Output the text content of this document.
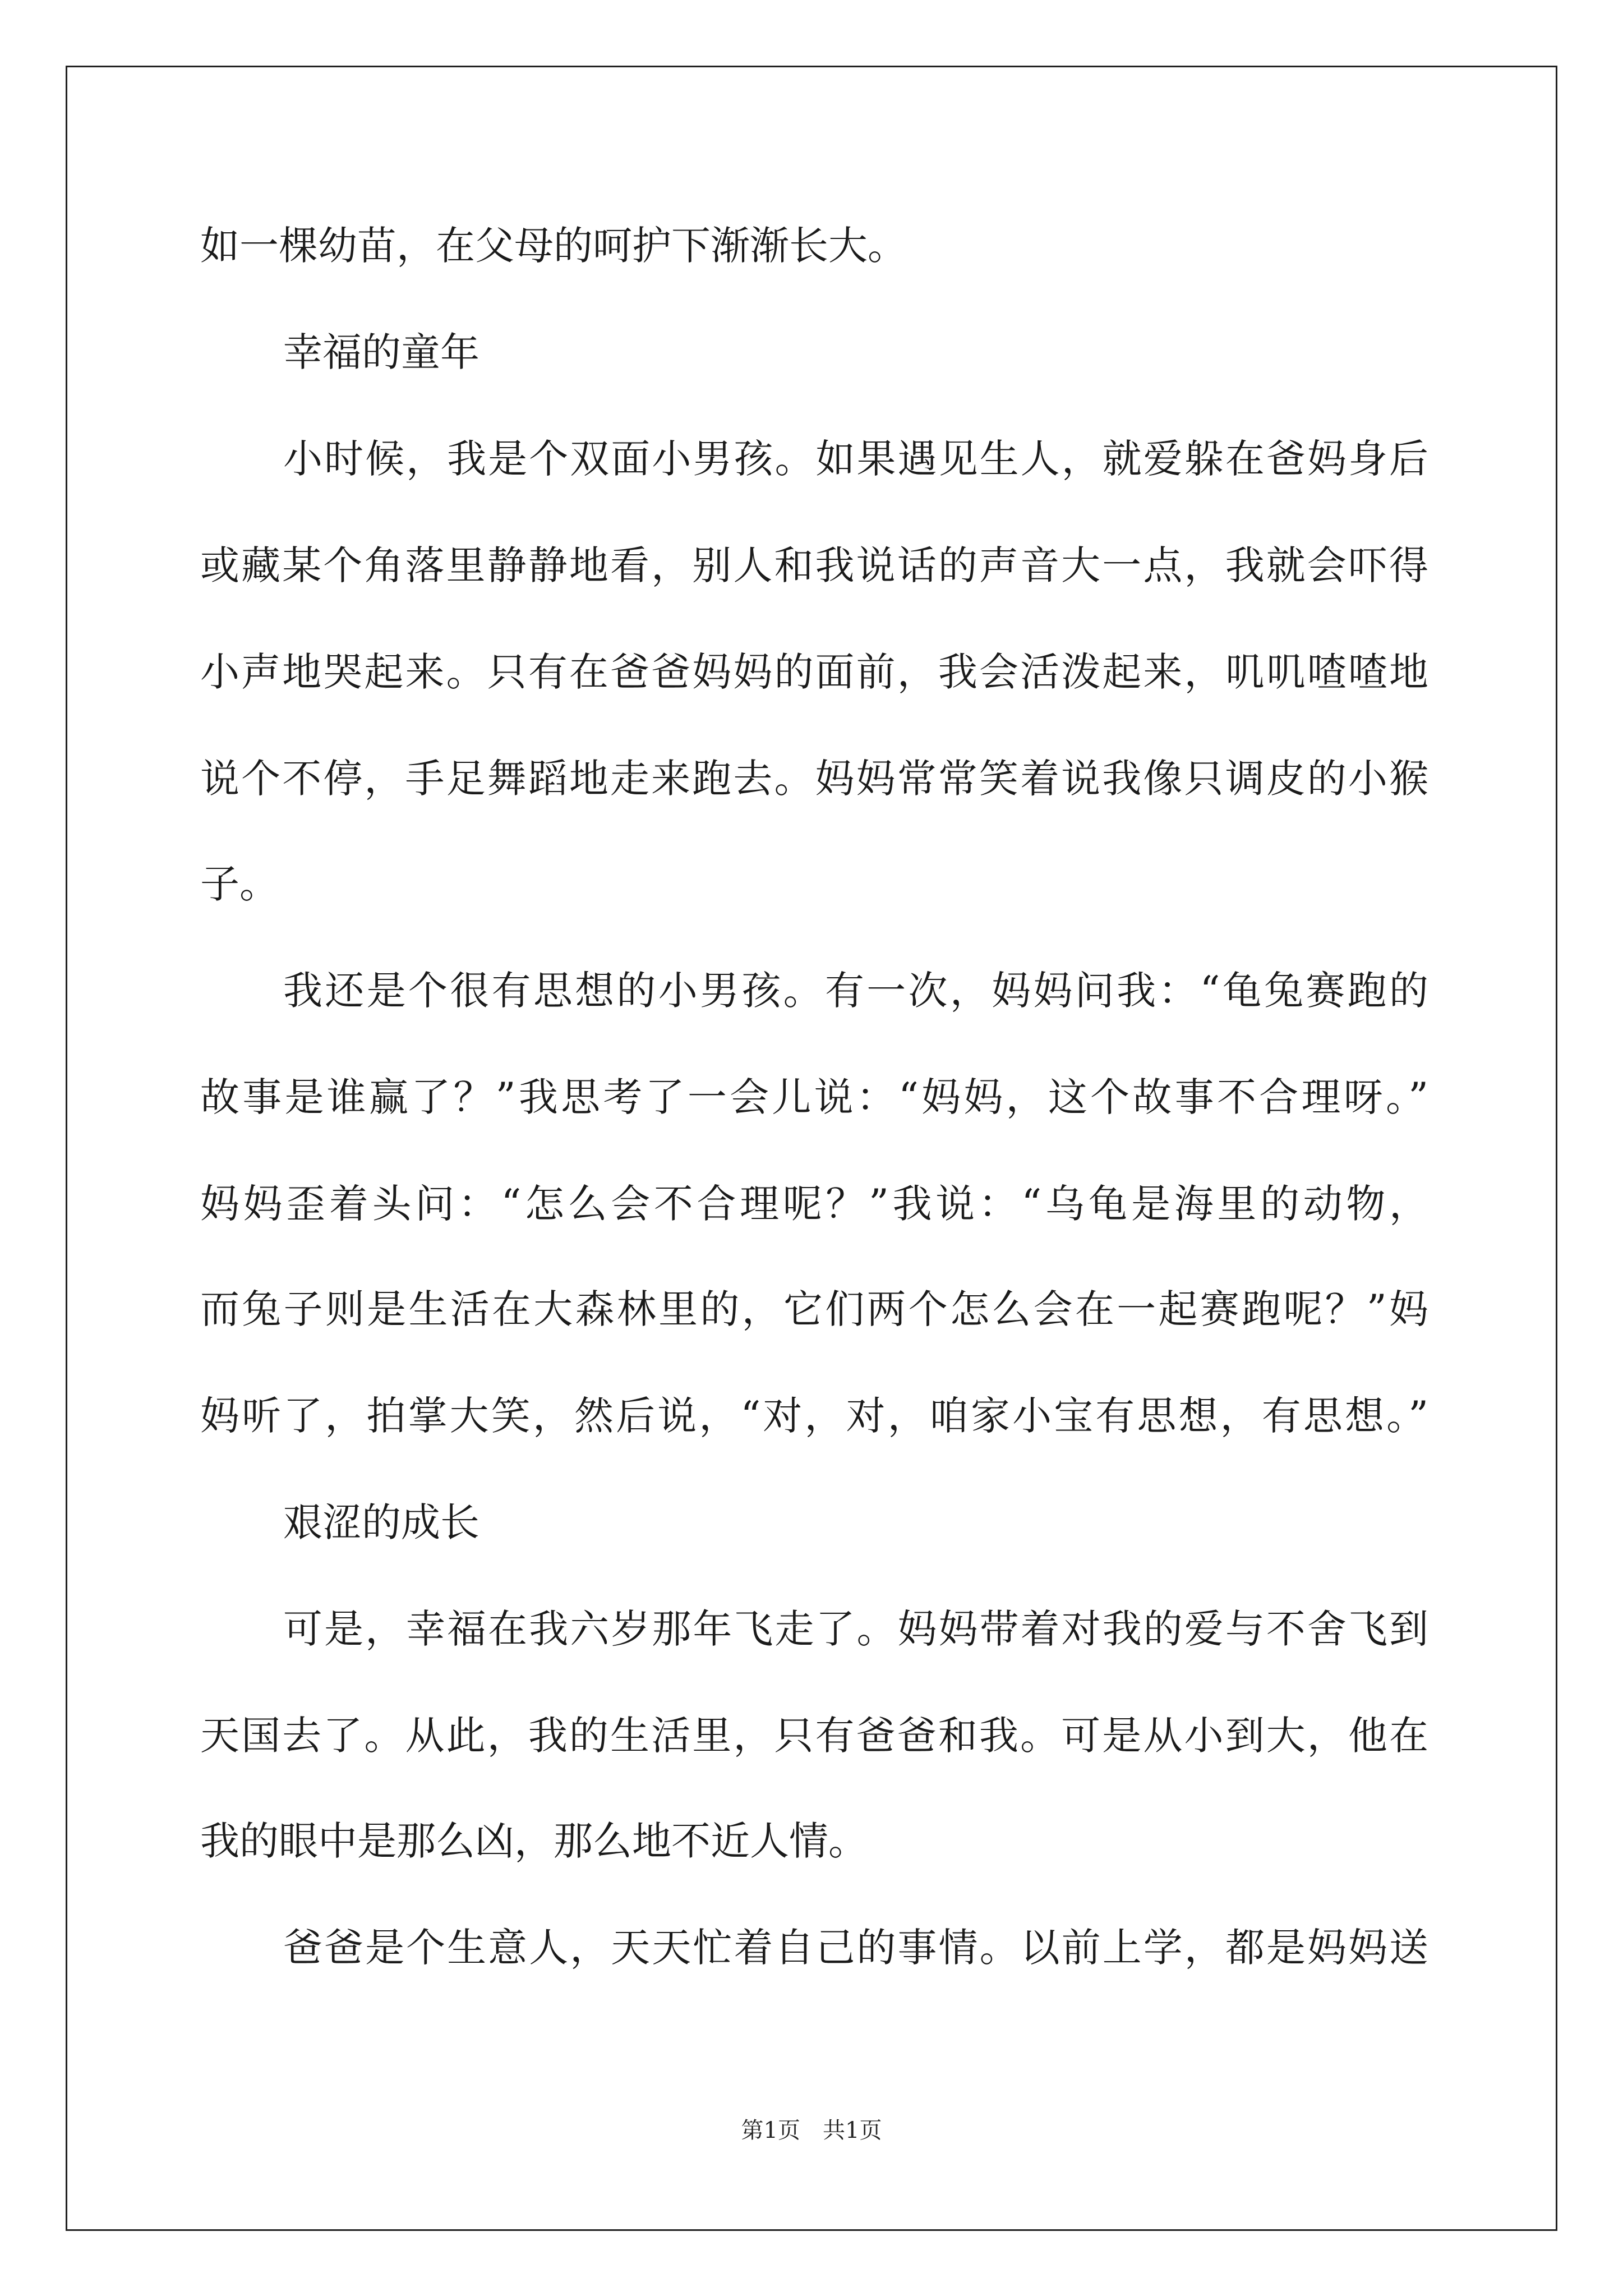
如一棵幼苗，在父母的呵护下渐渐长大。
幸福的童年
小时候，我是个双面小男孩。如果遇见生人，就爱躲在爸妈身后
或藏某个角落里静静地看，别人和我说话的声音大一点，我就会吓得
小声地哭起来。只有在爸爸妈妈的面前，我会活泼起来，叽叽喳喳地
说个不停，手足舞蹈地走来跑去。妈妈常常笑着说我像只调皮的小猴
子。
我还是个很有思想的小男孩。有一次，妈妈问我：“龟兔赛跑的
故事是谁赢了？”我思考了一会儿说：“妈妈，这个故事不合理呀。”
妈妈歪着头问：“怎么会不合理呢？”我说：“乌龟是海里的动物，
而兔子则是生活在大森林里的，它们两个怎么会在一起赛跑呢？”妈
妈听了，拍掌大笑，然后说，“对，对，咱家小宝有思想，有思想。”
艰涩的成长
可是，幸福在我六岁那年飞走了。妈妈带着对我的爱与不舍飞到
天国去了。从此，我的生活里，只有爸爸和我。可是从小到大，他在
我的眼中是那么凶，那么地不近人情。
爸爸是个生意人，天天忙着自己的事情。以前上学，都是妈妈送
第1页　共1页
